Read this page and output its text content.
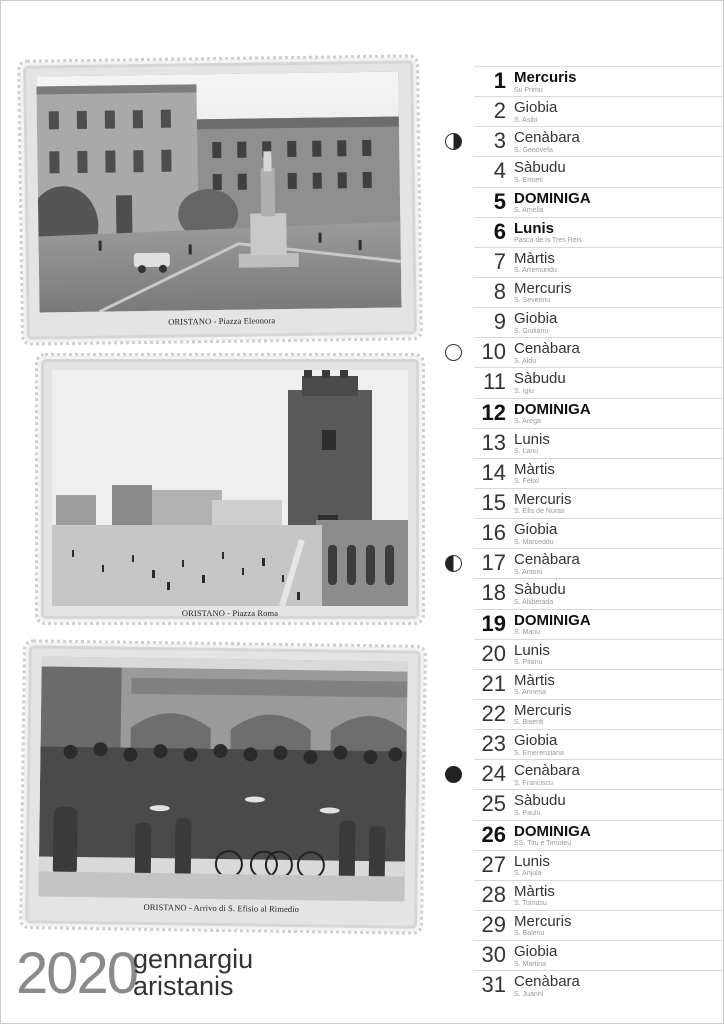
ORISTANO - Piazza Eleonora
ORISTANO - Piazza Roma
ORISTANO - Arrivo di S. Efisio al Rimedio
1 Mercuris
Su Primu
2 Giobia
S. Asibi
3 Cenàbara
S. Genovefa
4 Sàbudu
S. Ermeti
5 DOMINIGA
S. Amelia
6 Lunis
Pasca de is Tres Reis
7 Màrtis
S. Arremundu
8 Mercuris
S. Severinu
9 Giobia
S. Giulianu
10 Cenàbara
S. Aldu
11 Sàbudu
S. Igiu
12 DOMINIGA
S. Arega
13 Lunis
S. Lanu
14 Màrtis
S. Felixi
15 Mercuris
S. Efis de Nuras
16 Giobia
S. Marceddu
17 Cenàbara
S. Antoni
18 Sàbudu
S. Aliiberada
19 DOMINIGA
S. Mariu
20 Lunis
S. Pitanu
21 Màrtis
S. Annesa
22 Mercuris
S. Bisenti
23 Giobia
S. Emerenziana
24 Cenàbara
S. Franciscu
25 Sàbudu
S. Paulu
26 DOMINIGA
SS. Titu e Timoteu
27 Lunis
S. Anjula
28 Màrtis
S. Tomasu
29 Mercuris
S. Baleriu
30 Giobia
S. Martina
31 Cenàbara
S. Juanni
2020
gennargiu
aristanis
